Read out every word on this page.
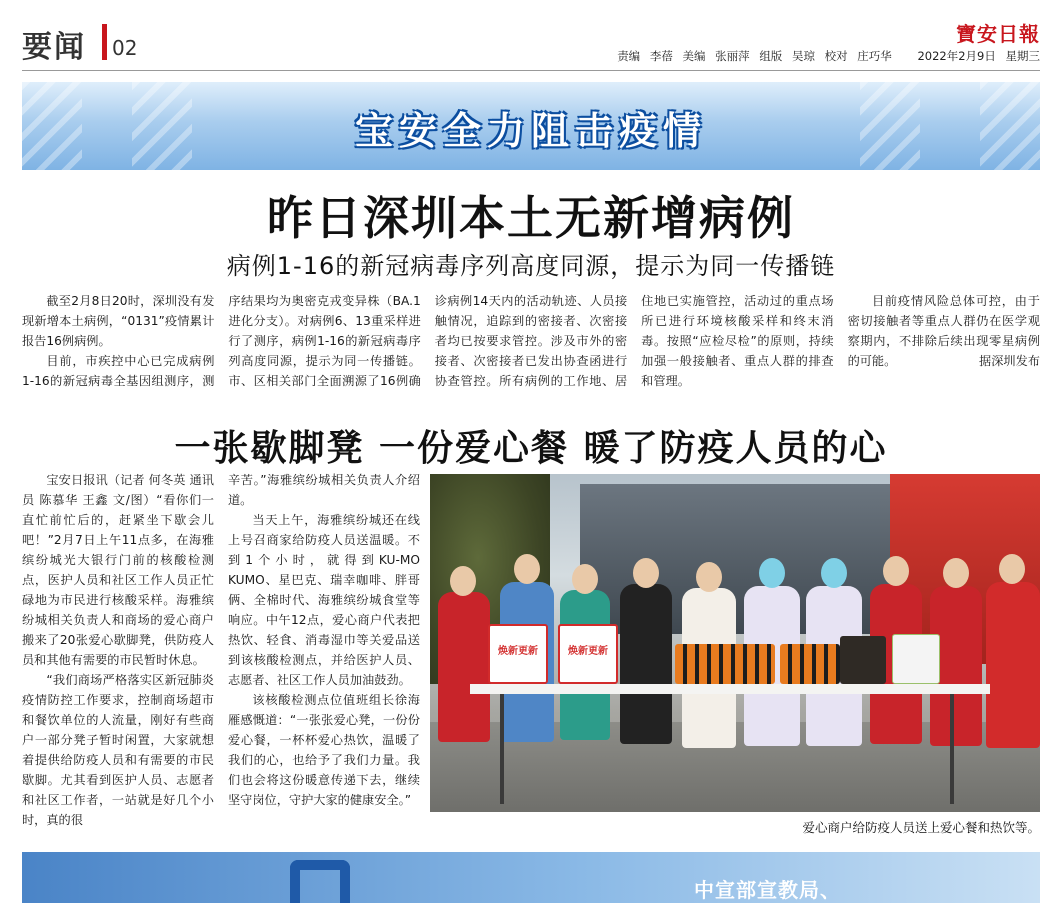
要闻 02
寶安日報
责编 李蓓 美编 张丽萍 组版 吴琼 校对 庄巧华 2022年2月9日 星期三
宝安全力阻击疫情
昨日深圳本土无新增病例
病例1-16的新冠病毒序列高度同源，提示为同一传播链

截至2月8日20时，深圳没有发现新增本土病例，“0131”疫情累计报告16例病例。

目前，市疾控中心已完成病例1-16的新冠病毒全基因组测序，测序结果均为奥密克戎变异株（BA.1进化分支）。对病例6、13重采样进行了测序，病例1-16的新冠病毒序列高度同源，提示为同一传播链。市、区相关部门全面溯源了16例确诊病例14天内的活动轨迹、人员接触情况，追踪到的密接者、次密接者均已按要求管控。涉及市外的密接者、次密接者已发出协查函进行协查管控。所有病例的工作地、居住地已实施管控，活动过的重点场所已进行环境核酸采样和终末消毒。按照“应检尽检”的原则，持续加强一般接触者、重点人群的排查和管理。

目前疫情风险总体可控，由于密切接触者等重点人群仍在医学观察期内，不排除后续出现零星病例的可能。	据深圳发布

一张歇脚凳 一份爱心餐 暖了防疫人员的心

宝安日报讯（记者 何冬英 通讯员 陈慕华 王鑫 文/图）“看你们一直忙前忙后的，赶紧坐下歇会儿吧！”2月7日上午11点多，在海雅缤纷城光大银行门前的核酸检测点，医护人员和社区工作人员正忙碌地为市民进行核酸采样。海雅缤纷城相关负责人和商场的爱心商户搬来了20张爱心歇脚凳，供防疫人员和其他有需要的市民暂时休息。

“我们商场严格落实区新冠肺炎疫情防控工作要求，控制商场超市和餐饮单位的人流量，刚好有些商户一部分凳子暂时闲置，大家就想着提供给防疫人员和有需要的市民歇脚。尤其看到医护人员、志愿者和社区工作者，一站就是好几个小时，真的很

辛苦。”海雅缤纷城相关负责人介绍道。

当天上午，海雅缤纷城还在线上号召商家给防疫人员送温暖。不到1个小时，就得到KU-MO KUMO、星巴克、瑞幸咖啡、胖哥俩、全棉时代、海雅缤纷城食堂等响应。中午12点，爱心商户代表把热饮、轻食、消毒湿巾等关爱品送到该核酸检测点，并给医护人员、志愿者、社区工作人员加油鼓劲。

该核酸检测点位值班组长徐海雁感慨道：“一张张爱心凳，一份份爱心餐，一杯杯爱心热饮，温暖了我们的心，也给予了我们力量。我们也会将这份暖意传递下去，继续坚守岗位，守护大家的健康安全。”

焕新更新	焕新更新
爱心商户给防疫人员送上爱心餐和热饮等。
中宣部宣教局、
